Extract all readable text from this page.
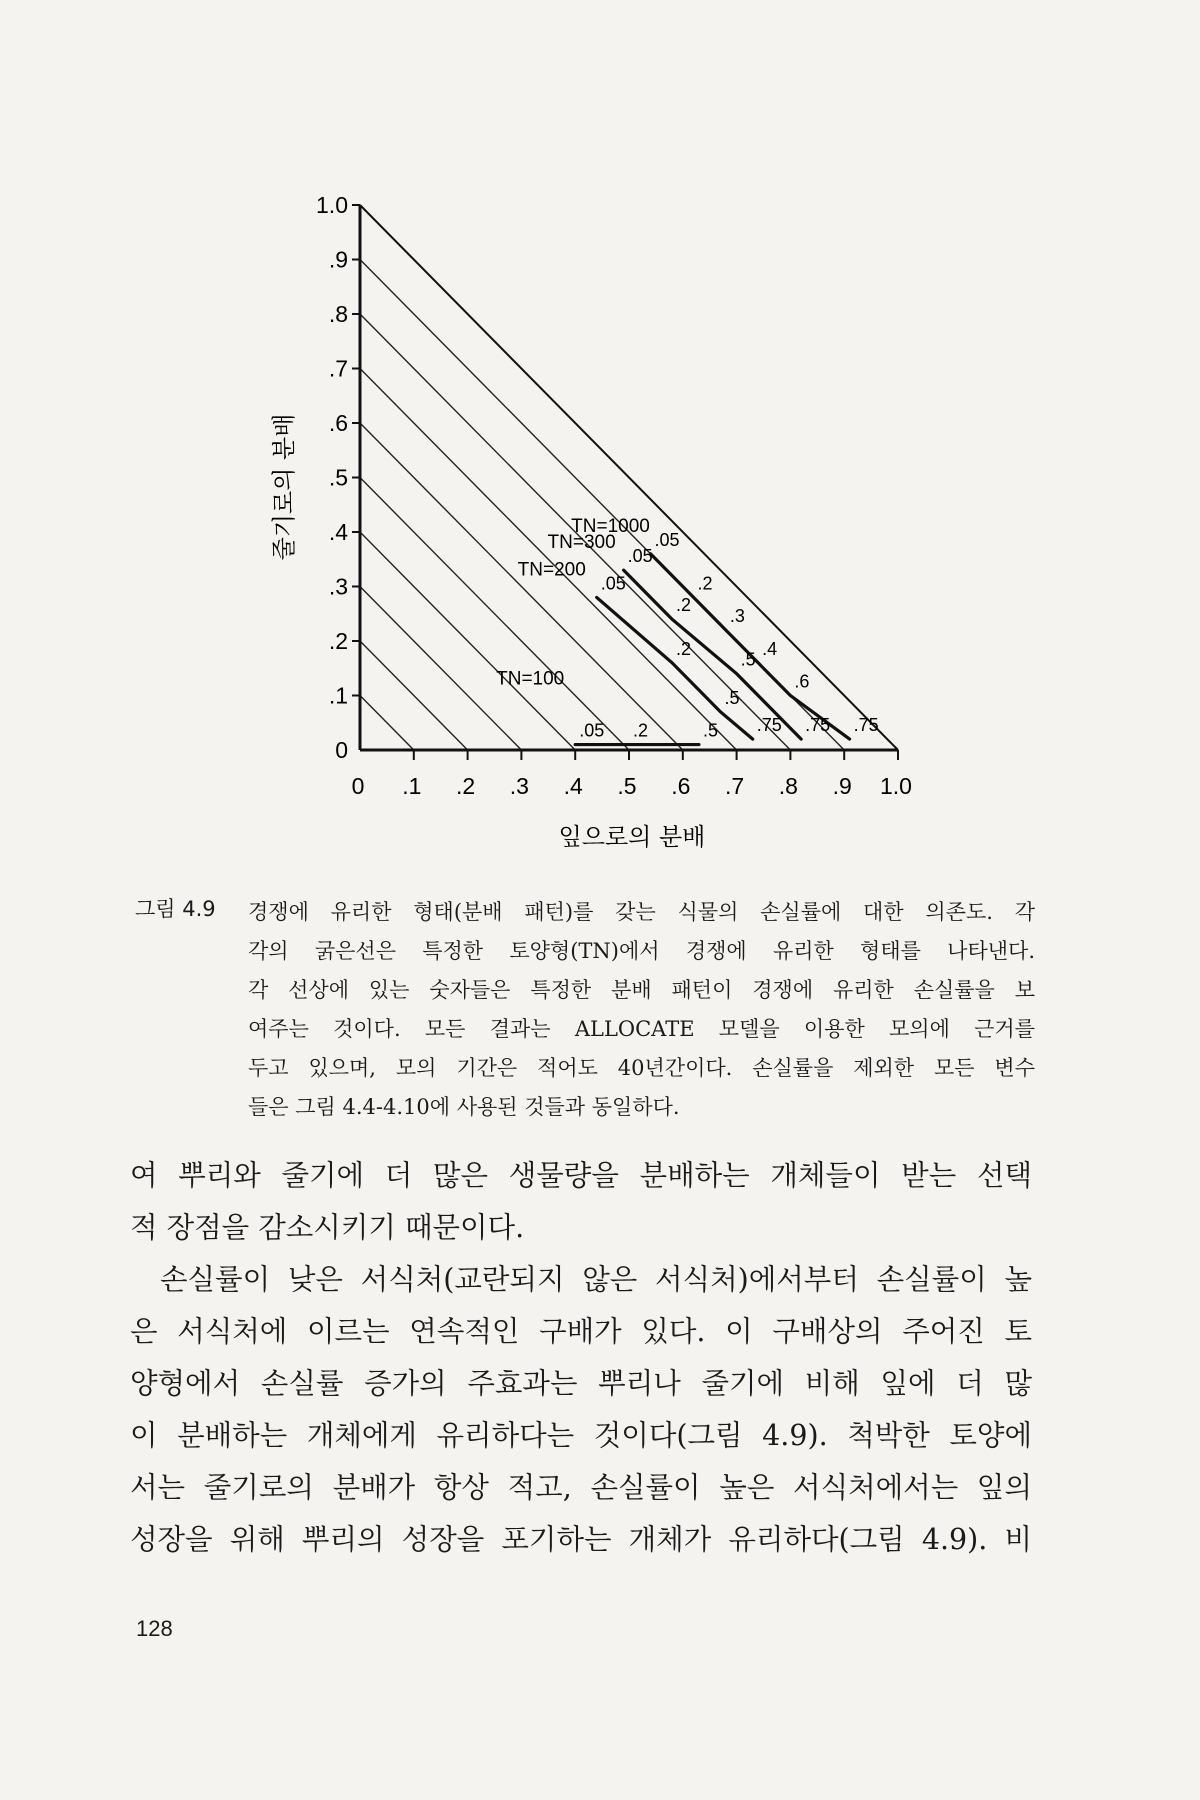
0 .1 .2 .3 .4 .5 .6 .7 .8 .9 1.0
0
.1
.2
.3
.4
.5
.6
.7
.8
.9
1.0
.05
.2
.3
.4
.6
.75
TN=1000
.05
.2
.5
.75
TN=300
.05
.2
.5
.75
TN=200
.05 .2	.5
TN=100
잎으로의 분배
줄기로의 분배
그림 4.9 경쟁에 유리한 형태(분배 패턴)를 갖는 식물의 손실률에 대한 의존도. 각
각의 굵은선은 특정한 토양형(TN)에서 경쟁에 유리한 형태를 나타낸다.
각 선상에 있는 숫자들은 특정한 분배 패턴이 경쟁에 유리한 손실률을 보
여주는 것이다. 모든 결과는 ALLOCATE 모델을 이용한 모의에 근거를
두고 있으며, 모의 기간은 적어도 40년간이다. 손실률을 제외한 모든 변수
들은 그림 4.4-4.10에 사용된 것들과 동일하다.
여 뿌리와 줄기에 더 많은 생물량을 분배하는 개체들이 받는 선택
적 장점을 감소시키기 때문이다.
손실률이 낮은 서식처(교란되지 않은 서식처)에서부터 손실률이 높
은 서식처에 이르는 연속적인 구배가 있다. 이 구배상의 주어진 토
양형에서 손실률 증가의 주효과는 뿌리나 줄기에 비해 잎에 더 많
이 분배하는 개체에게 유리하다는 것이다(그림 4.9). 척박한 토양에
서는 줄기로의 분배가 항상 적고, 손실률이 높은 서식처에서는 잎의
성장을 위해 뿌리의 성장을 포기하는 개체가 유리하다(그림 4.9). 비
128
